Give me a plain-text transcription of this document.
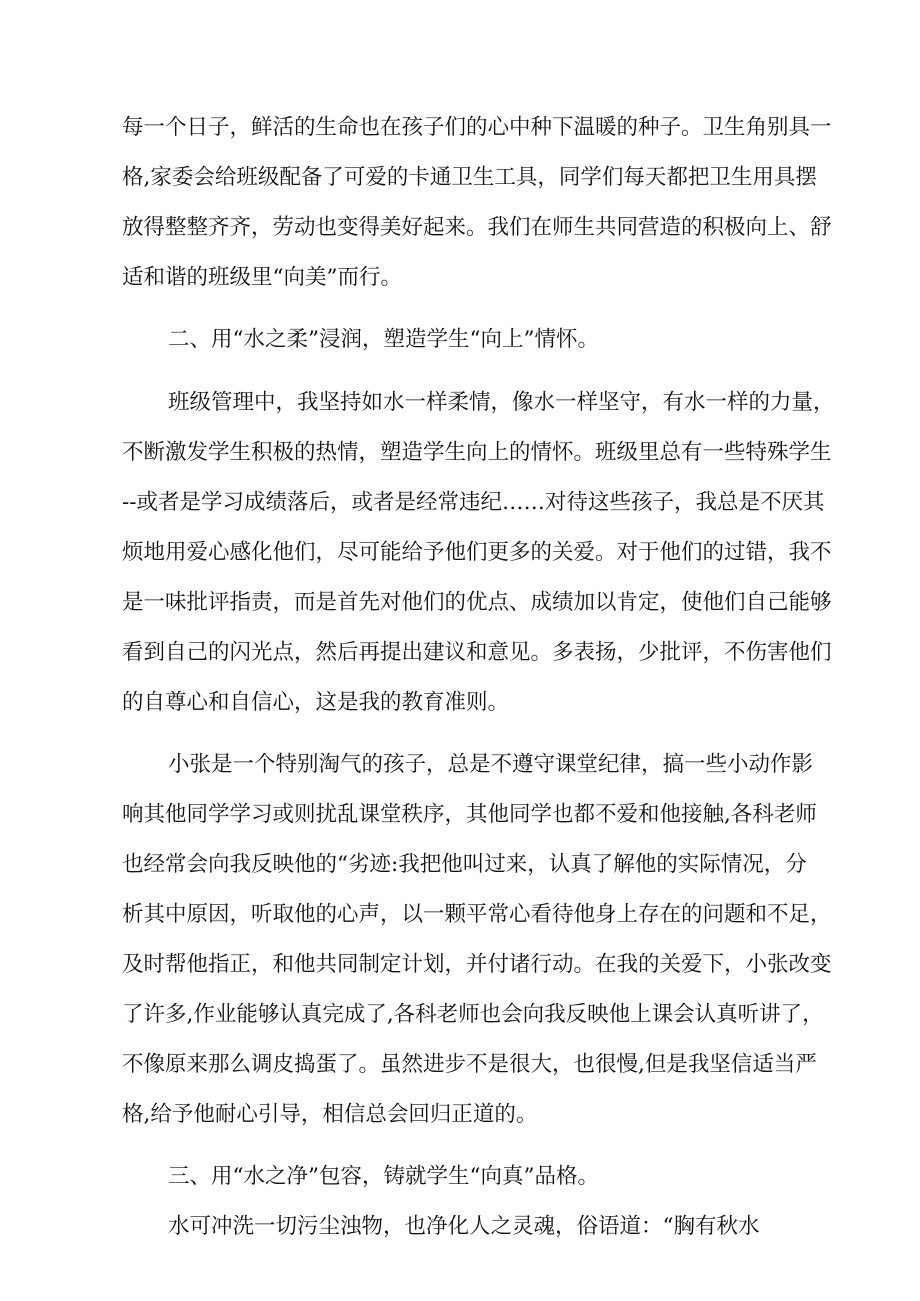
每一个日子，鲜活的生命也在孩子们的心中种下温暖的种子。卫生角别具一
格,家委会给班级配备了可爱的卡通卫生工具，同学们每天都把卫生用具摆
放得整整齐齐，劳动也变得美好起来。我们在师生共同营造的积极向上、舒
适和谐的班级里“向美”而行。
二、用“水之柔”浸润，塑造学生“向上”情怀。
班级管理中，我坚持如水一样柔情，像水一样坚守，有水一样的力量，
不断激发学生积极的热情，塑造学生向上的情怀。班级里总有一些特殊学生
--或者是学习成绩落后，或者是经常违纪……对待这些孩子，我总是不厌其
烦地用爱心感化他们，尽可能给予他们更多的关爱。对于他们的过错，我不
是一味批评指责，而是首先对他们的优点、成绩加以肯定，使他们自己能够
看到自己的闪光点，然后再提出建议和意见。多表扬，少批评，不伤害他们
的自尊心和自信心，这是我的教育准则。
小张是一个特别淘气的孩子，总是不遵守课堂纪律，搞一些小动作影
响其他同学学习或则扰乱课堂秩序，其他同学也都不爱和他接触,各科老师
也经常会向我反映他的“劣迹:我把他叫过来，认真了解他的实际情况，分
析其中原因，听取他的心声，以一颗平常心看待他身上存在的问题和不足，
及时帮他指正，和他共同制定计划，并付诸行动。在我的关爱下，小张改变
了许多,作业能够认真完成了,各科老师也会向我反映他上课会认真听讲了，
不像原来那么调皮捣蛋了。虽然进步不是很大，也很慢,但是我坚信适当严
格,给予他耐心引导，相信总会回归正道的。
三、用“水之净”包容，铸就学生“向真”品格。
水可冲洗一切污尘浊物，也净化人之灵魂，俗语道：“胸有秋水
